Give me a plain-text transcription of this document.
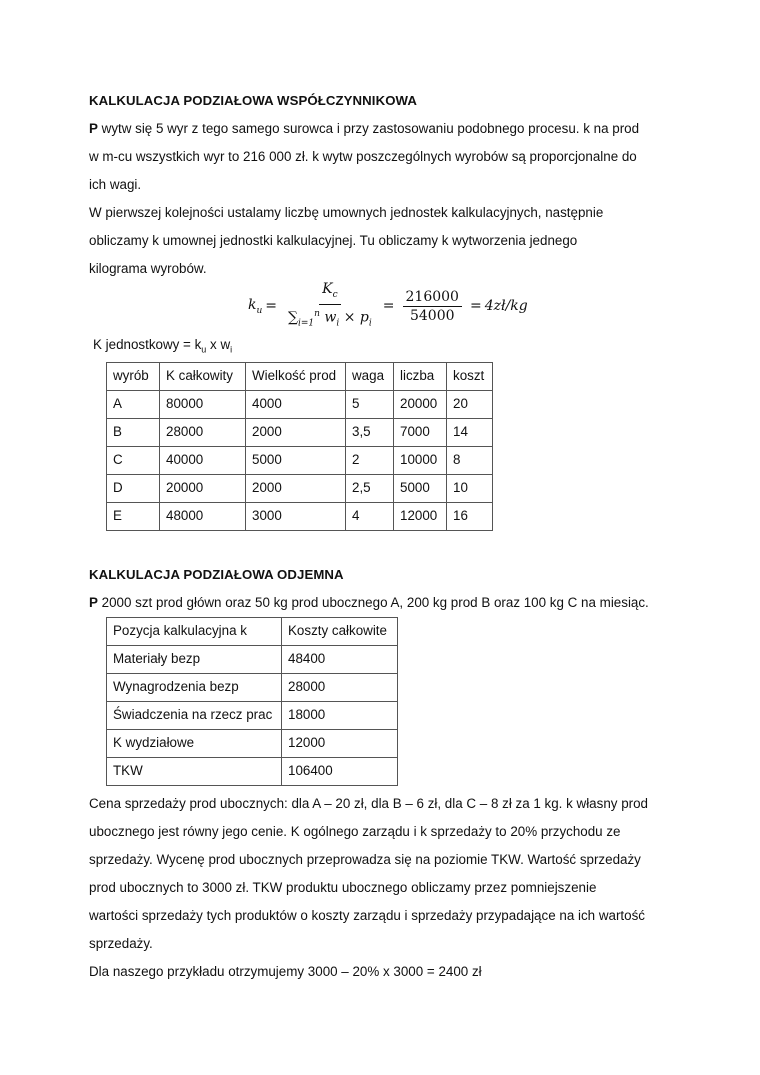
KALKULACJA PODZIAŁOWA WSPÓŁCZYNNIKOWA
P wytw się 5 wyr z tego samego surowca i przy zastosowaniu podobnego procesu. k na prod
w m-cu wszystkich wyr to 216 000 zł. k wytw poszczególnych wyrobów są proporcjonalne do
ich wagi.
W pierwszej kolejności ustalamy liczbę umownych jednostek kalkulacyjnych, następnie
obliczamy k umownej jednostki kalkulacyjnej. Tu obliczamy k wytworzenia jednego
kilograma wyrobów.
$k_u = \frac{K_c}{\sum_{i=1}^n w_i \times p_i} = \frac{216000}{54000}$ = 4zł/kg
K jednostkowy = $k_u$ x $w_i$
wyrób	K całkowity	Wielkość prod	waga	liczba	koszt
A	80000	4000	5	20000	20
B	28000	2000	3,5	7000	14
C	40000	5000	2	10000	8
D	20000	2000	2,5	5000	10
E	48000	3000	4	12000	16
KALKULACJA PODZIAŁOWA ODJEMNA
P 2000 szt prod główn oraz 50 kg prod ubocznego A, 200 kg prod B oraz 100 kg C na miesiąc.
Pozycja kalkulacyjna k	Koszty całkowite
Materiały bezp	48400
Wynagrodzenia bezp	28000
Świadczenia na rzecz prac	18000
K wydziałowe	12000
TKW	106400
Cena sprzedaży prod ubocznych: dla A – 20 zł, dla B – 6 zł, dla C – 8 zł za 1 kg. k własny prod
ubocznego jest równy jego cenie. K ogólnego zarządu i k sprzedaży to 20% przychodu ze
sprzedaży. Wycenę prod ubocznych przeprowadza się na poziomie TKW. Wartość sprzedaży
prod ubocznych to 3000 zł. TKW produktu ubocznego obliczamy przez pomniejszenie
wartości sprzedaży tych produktów o koszty zarządu i sprzedaży przypadające na ich wartość
sprzedaży.
Dla naszego przykładu otrzymujemy 3000 – 20% x 3000 = 2400 zł
